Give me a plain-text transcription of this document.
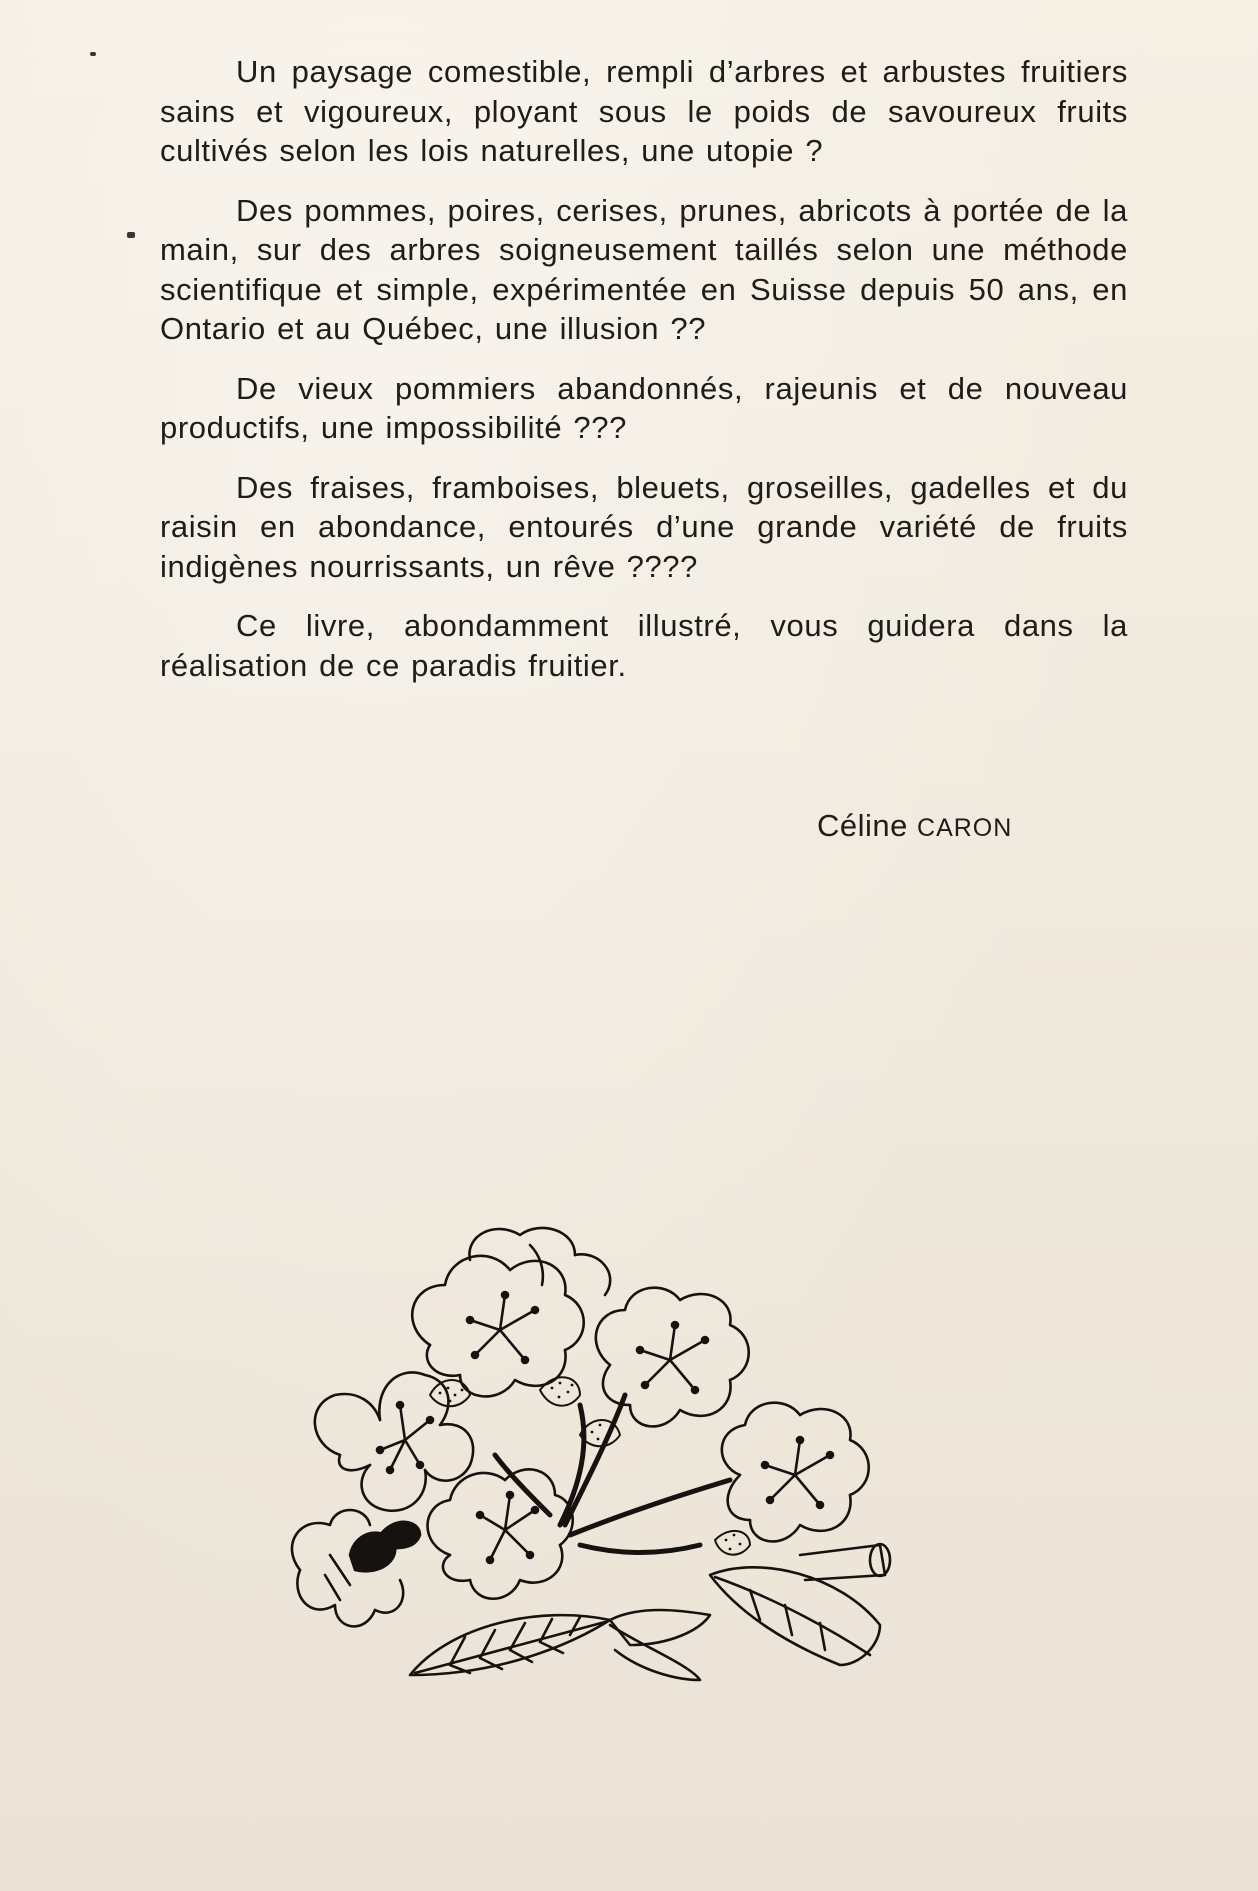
Un paysage comestible, rempli d’arbres et arbustes fruitiers sains et vigoureux, ployant sous le poids de savoureux fruits cultivés selon les lois naturelles, une utopie ?

Des pommes, poires, cerises, prunes, abricots à portée de la main, sur des arbres soigneusement taillés selon une méthode scientifique et simple, expérimentée en Suisse depuis 50 ans, en Ontario et au Québec, une illusion ??

De vieux pommiers abandonnés, rajeunis et de nouveau productifs, une impossibilité ???

Des fraises, framboises, bleuets, groseilles, gadelles et du raisin en abondance, entourés d’une grande variété de fruits indigènes nourrissants, un rêve ????

Ce livre, abondamment illustré, vous guidera dans la réalisation de ce paradis fruitier.

Céline CARON
